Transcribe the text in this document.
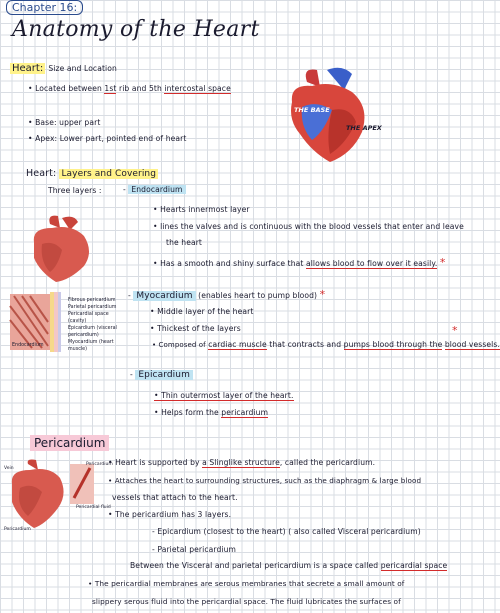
Chapter 16:
Anatomy of the Heart
Heart: Size and Location
• Located between 1st rib and 5th intercostal space
• Base: upper part
• Apex: Lower part, pointed end of heart
THE BASE
THE APEX
Heart: Layers and Covering
Three layers :	- Endocardium
• Hearts innermost layer
• lines the valves and is continuous with the blood vessels that enter and leave
the heart
• Has a smooth and shiny surface that allows blood to flow over it easily. *
Fibrous pericardium
Parietal pericardium
Pericardial space (cavity)
Epicardium (visceral pericardium)
Myocardium (heart muscle)
Endocardium
- Myocardium (enables heart to pump blood) *
• Middle layer of the heart
• Thickest of the layers
• Composed of cardiac muscle that contracts and pumps blood through the blood vessels.
*
- Epicardium
• Thin outermost layer of the heart.
• Helps form the pericardium
Pericardium
Vein
Pericardium
Pericardial fluid
Pericardium
• Heart is supported by a Slinglike structure, called the pericardium.
• Attaches the heart to surrounding structures, such as the diaphragm & large blood
vessels that attach to the heart.
• The pericardium has 3 layers.
- Epicardium (closest to the heart) ( also called Visceral pericardium)
- Parietal pericardium
Between the Visceral and parietal pericardium is a space called pericardial space
• The pericardial membranes are serous membranes that secrete a small amount of
slippery serous fluid into the pericardial space. The fluid lubricates the surfaces of
